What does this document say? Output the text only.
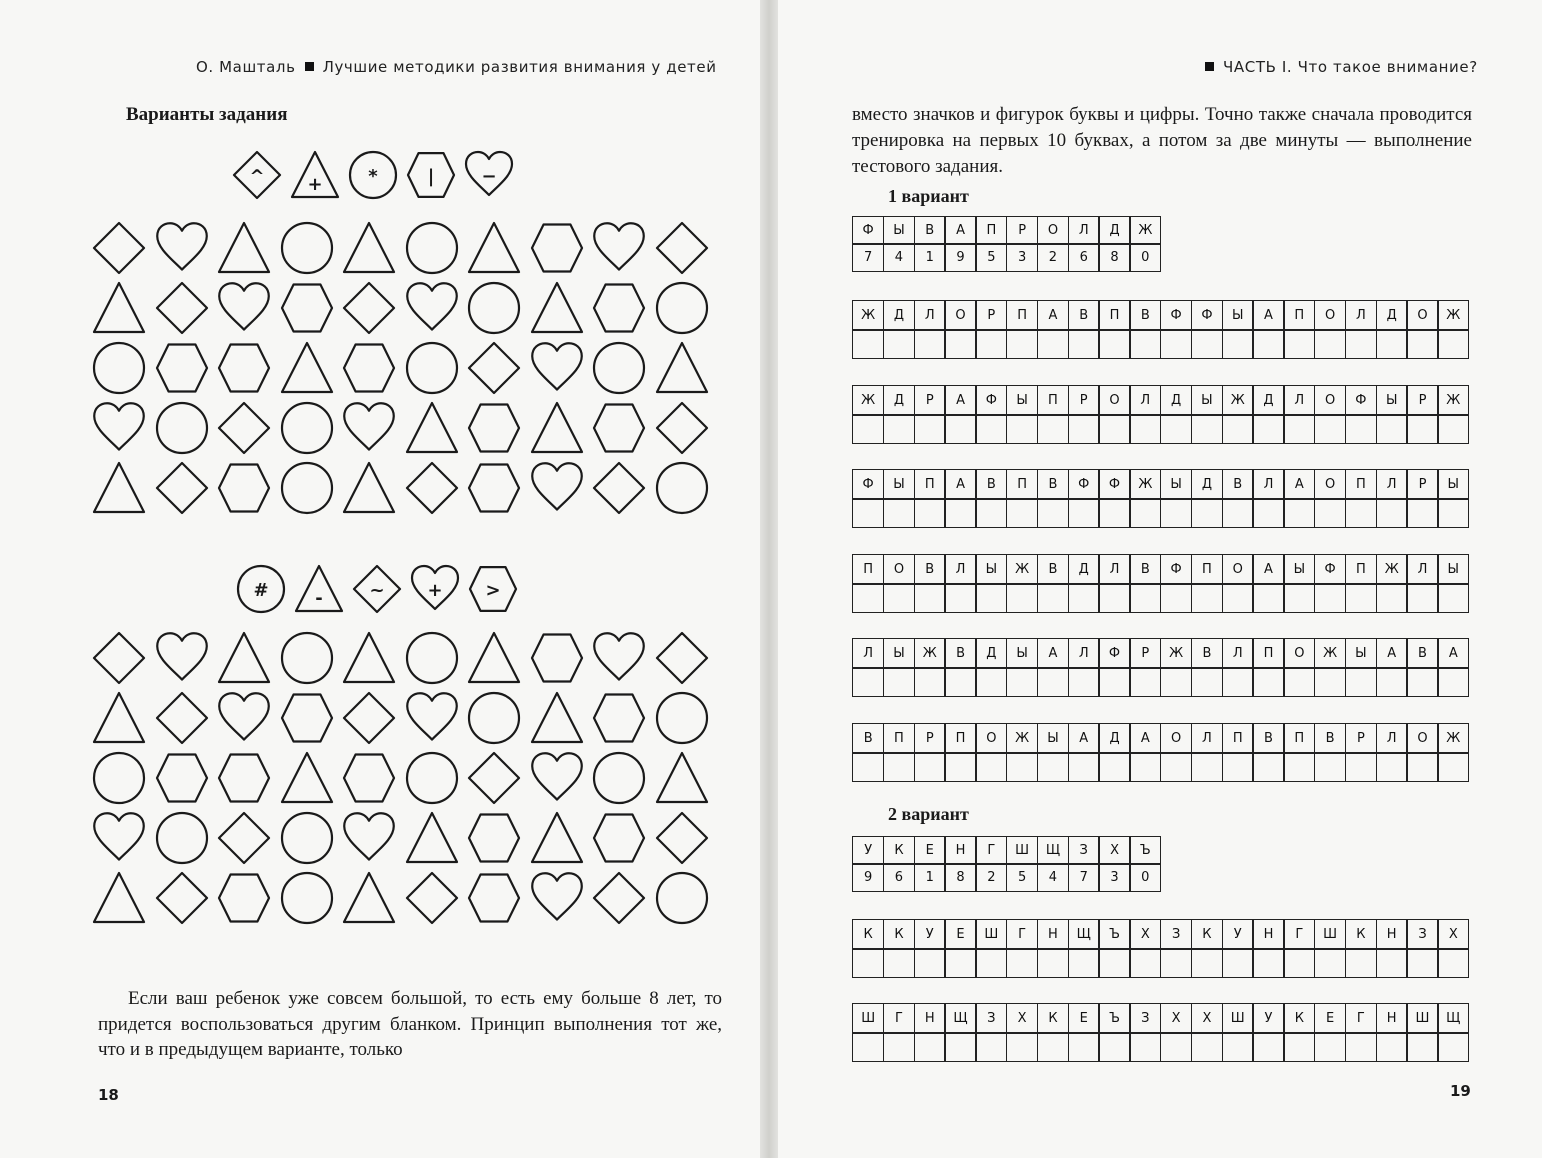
О. Машталь Лучшие методики развития внимания у детей	ЧАСТЬ I. Что такое внимание?
Варианты задания
^ +	*	|	−
#	-	~ + >
Если ваш ребенок уже совсем большой, то есть ему больше 8 лет, то придется воспользоваться другим бланком. Принцип выполнения тот же, что и в предыдущем варианте, только
18
вместо значков и фигурок буквы и цифры. Точно также сначала проводится тренировка на первых 10 буквах, а потом за две минуты — выполнение тестового задания.
1 вариант
Ф	Ы	В	А	П	Р	О	Л	Д	Ж
7	4	1	9	5	3	2	6	8	0
Ж	Д	Л	О	Р	П	А	В	П	В	Ф	Ф	Ы	А	П	О	Л	Д	О	Ж
Ж	Д	Р	А	Ф	Ы	П	Р	О	Л	Д	Ы	Ж	Д	Л	О	Ф	Ы	Р	Ж
Ф	Ы	П	А	В	П	В	Ф	Ф	Ж	Ы	Д	В	Л	А	О	П	Л	Р	Ы
П	О	В	Л	Ы	Ж	В	Д	Л	В	Ф	П	О	А	Ы	Ф	П	Ж	Л	Ы
Л	Ы	Ж	В	Д	Ы	А	Л	Ф	Р	Ж	В	Л	П	О	Ж	Ы	А	В	А
В	П	Р	П	О	Ж	Ы	А	Д	А	О	Л	П	В	П	В	Р	Л	О	Ж
2 вариант
У	К	Е	Н	Г	Ш	Щ	З	Х	Ъ
9	6	1	8	2	5	4	7	3	0
К	К	У	Е	Ш	Г	Н	Щ	Ъ	Х	З	К	У	Н	Г	Ш	К	Н	З	Х
Ш	Г	Н	Щ	З	Х	К	Е	Ъ	З	Х	Х	Ш	У	К	Е	Г	Н	Ш	Щ
19
